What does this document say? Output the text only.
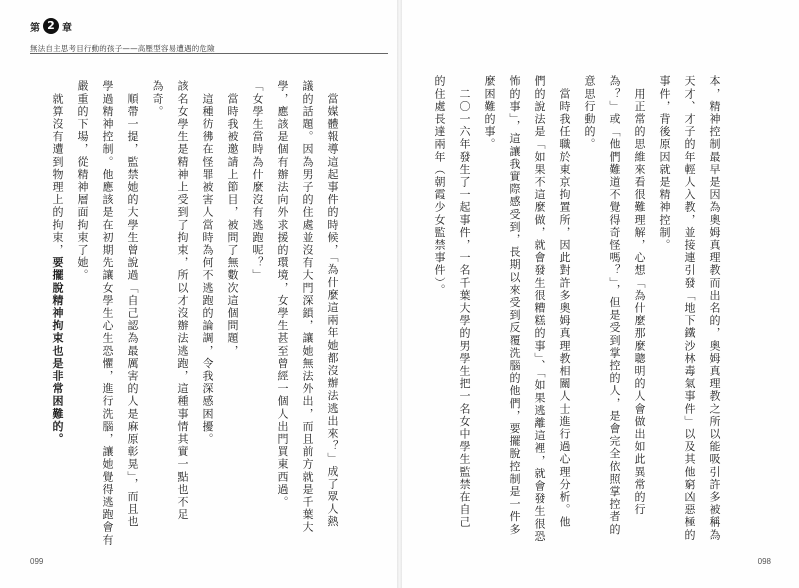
第 2 章
無法自主思考目行動的孩子——高壓型容易遭遇的危險

　當媒體報導這起事件的時候，「為什麼這兩年她都沒辦法逃出來？」成了眾人熱

議的話題。因為男子的住處並沒有大門深鎖，讓她無法外出，而且前方就是千葉大

學，應該是個有辦法向外求援的環境，女學生甚至曾經一個人出門買東西過。

「女學生當時為什麼沒有逃跑呢？」

　當時我被邀請上節目，被問了無數次這個問題，

　這種彷彿在怪罪被害人當時為何不逃跑的論調，令我深感困擾。

該名女學生是精神上受到了拘束，所以才沒辦法逃跑，這種事情其實一點也不足

為奇。

　順帶一提，監禁她的大學生曾說過「自己認為最厲害的人是麻原彰晃」，而且也

學過精神控制。他應該是在初期先讓女學生心生恐懼，進行洗腦，讓她覺得逃跑會有

嚴重的下場，從精神層面拘束了她。

　就算沒有遭到物理上的拘束，要擺脫精神拘束也是非常困難的。

099

本，精神控制最早是因為奧姆真理教而出名的，奧姆真理教之所以能吸引許多被稱為

天才、才子的年輕人入教，並接連引發「地下鐵沙林毒氣事件」以及其他窮凶惡極的

事件，背後原因就是精神控制。

　用正常的思維來看很難理解，心想「為什麼那麼聰明的人會做出如此異常的行

為？」或「他們難道不覺得奇怪嗎？」，但是受到掌控的人，是會完全依照掌控者的

意思行動的。

　當時我任職於東京拘置所，因此對許多奧姆真理教相關人士進行過心理分析。他

們的說法是「如果不這麼做，就會發生很糟糕的事」、「如果逃離這裡，就會發生很恐

怖的事」，這讓我實際感受到，長期以來受到反覆洗腦的他們，要擺脫控制是一件多

麼困難的事。

　二〇一六年發生了一起事件，一名千葉大學的男學生把一名女中學生監禁在自己

的住處長達兩年（朝霞少女監禁事件）。

098
